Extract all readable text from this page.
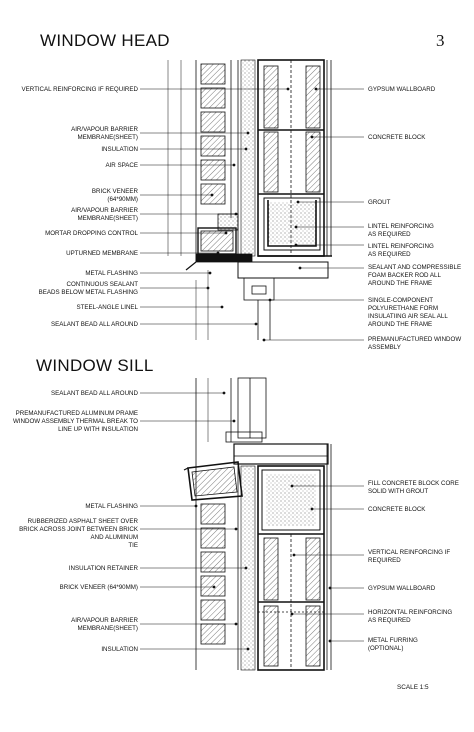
WINDOW HEAD	3
WINDOW SILL
VERTICAL REINFORCING IF REQUIRED
AIR/VAPOUR BARRIER
MEMBRANE(SHEET)
INSULATION
AIR SPACE
BRICK VENEER
(64*90MM)
AIR/VAPOUR BARRIER
MEMBRANE(SHEET)
MORTAR DROPPING CONTROL
UPTURNED MEMBRANE
METAL FLASHING
CONTINUOUS SEALANT
BEADS BELOW METAL FLASHING
STEEL-ANGLE LINEL
SEALANT BEAD ALL AROUND
GYPSUM WALLBOARD
CONCRETE BLOCK
GROUT
LINTEL REINFORCING
AS REQUIRED
LINTEL REINFORCING
AS REQUIRED
SEALANT AND COMPRESSIBLE
FOAM BACKER ROD ALL
AROUND THE FRAME
SINGLE-COMPONENT
POLYURETHANE FORM
INSULATIING AIR SEAL ALL
AROUND THE FRAME
PREMANUFACTURED WINDOW
ASSEMBLY
SEALANT BEAD ALL AROUND
PREMANUFACTURED ALUMINUM PRAME
WINDOW ASSEMBLY THERMAL BREAK TO
LINE UP WITH INSULATION
METAL FLASHING
RUBBERIZED ASPHALT SHEET OVER
BRICK ACROSS JOINT BETWEEN BRICK
AND ALUMINUM
TIE
INSULATION RETAINER
BRICK VENEER (64*90MM)
AIR/VAPOUR BARRIER
MEMBRANE(SHEET)
INSULATION
FILL CONCRETE BLOCK CORE
SOLID WITH GROUT
CONCRETE BLOCK
VERTICAL REINFORCING IF
REQUIRED
GYPSUM WALLBOARD
HORIZONTAL REINFORCING
AS REQUIRED
METAL FURRING
(OPTIONAL)
SCALE 1:5
